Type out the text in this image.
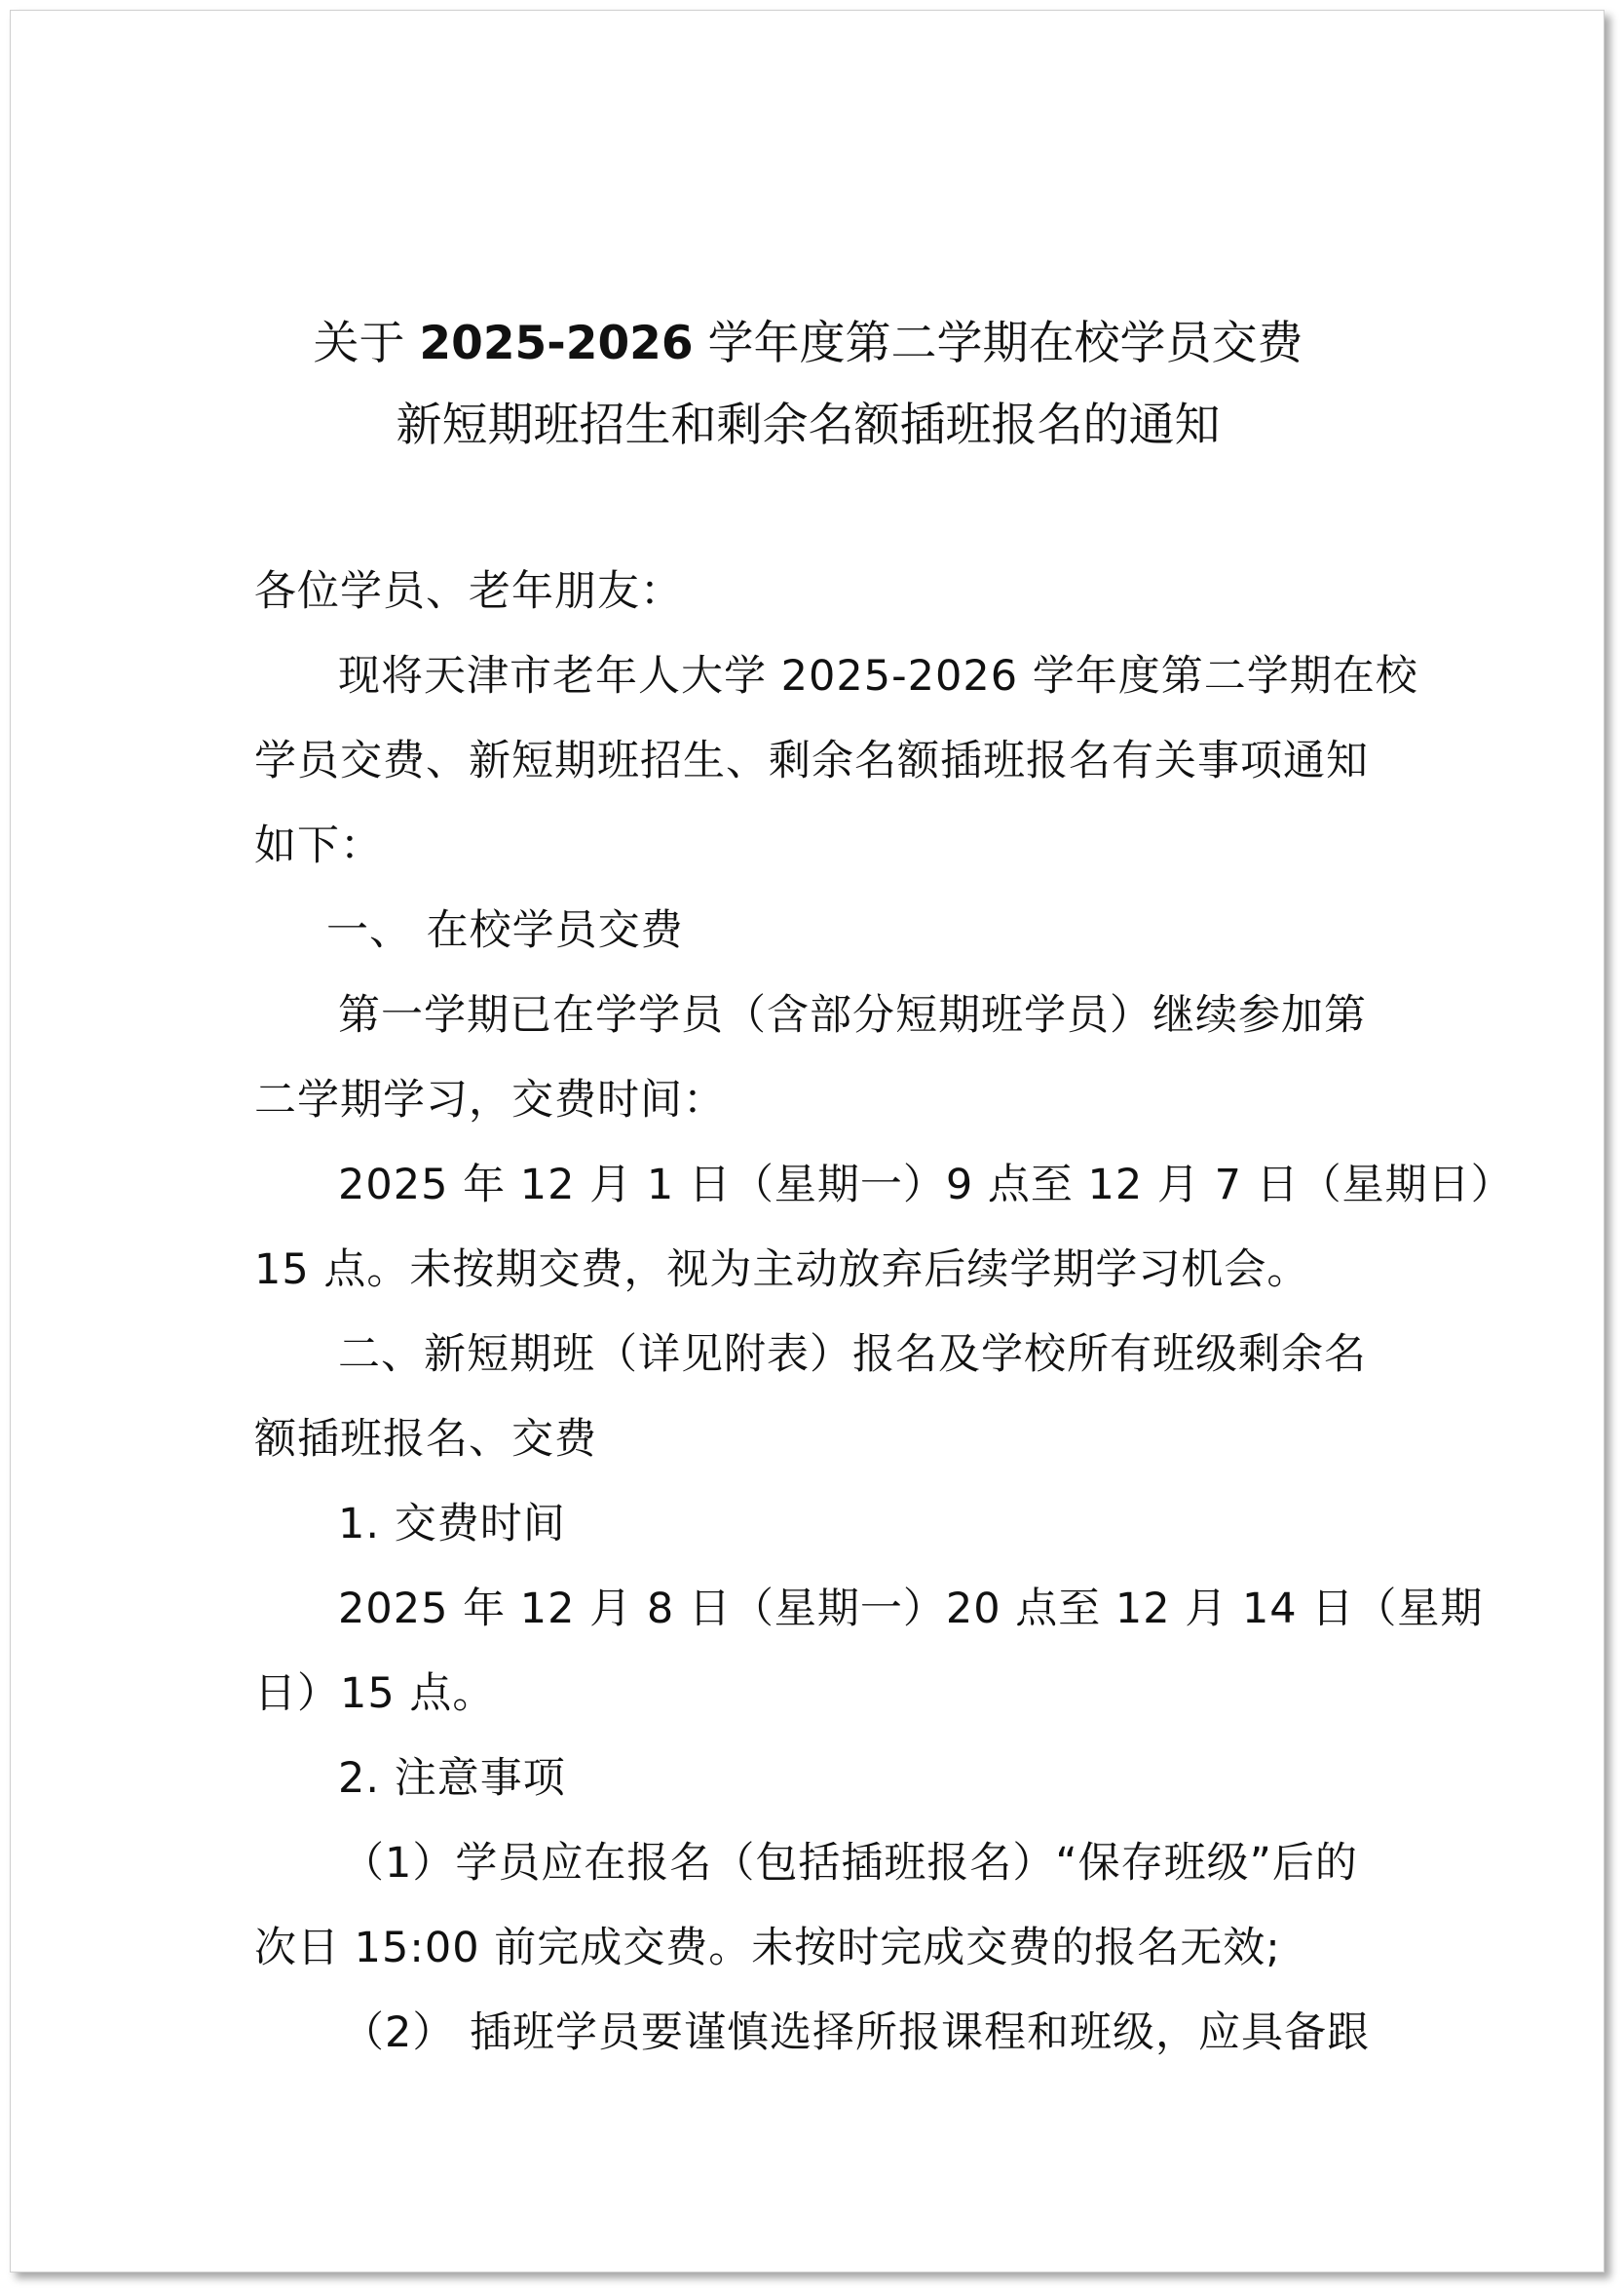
关于 2025-2026 学年度第二学期在校学员交费
新短期班招生和剩余名额插班报名的通知
各位学员、老年朋友：
现将天津市老年人大学 2025-2026 学年度第二学期在校
学员交费、新短期班招生、剩余名额插班报名有关事项通知
如下：
一、 在校学员交费
第一学期已在学学员（含部分短期班学员）继续参加第
二学期学习，交费时间：
2025 年 12 月 1 日（星期一）9 点至 12 月 7 日（星期日）
15 点。未按期交费，视为主动放弃后续学期学习机会。
二、新短期班（详见附表）报名及学校所有班级剩余名
额插班报名、交费
1. 交费时间
2025 年 12 月 8 日（星期一）20 点至 12 月 14 日（星期
日）15 点。
2. 注意事项
（1）学员应在报名（包括插班报名）“保存班级”后的
次日 15:00 前完成交费。未按时完成交费的报名无效;
（2） 插班学员要谨慎选择所报课程和班级，应具备跟
